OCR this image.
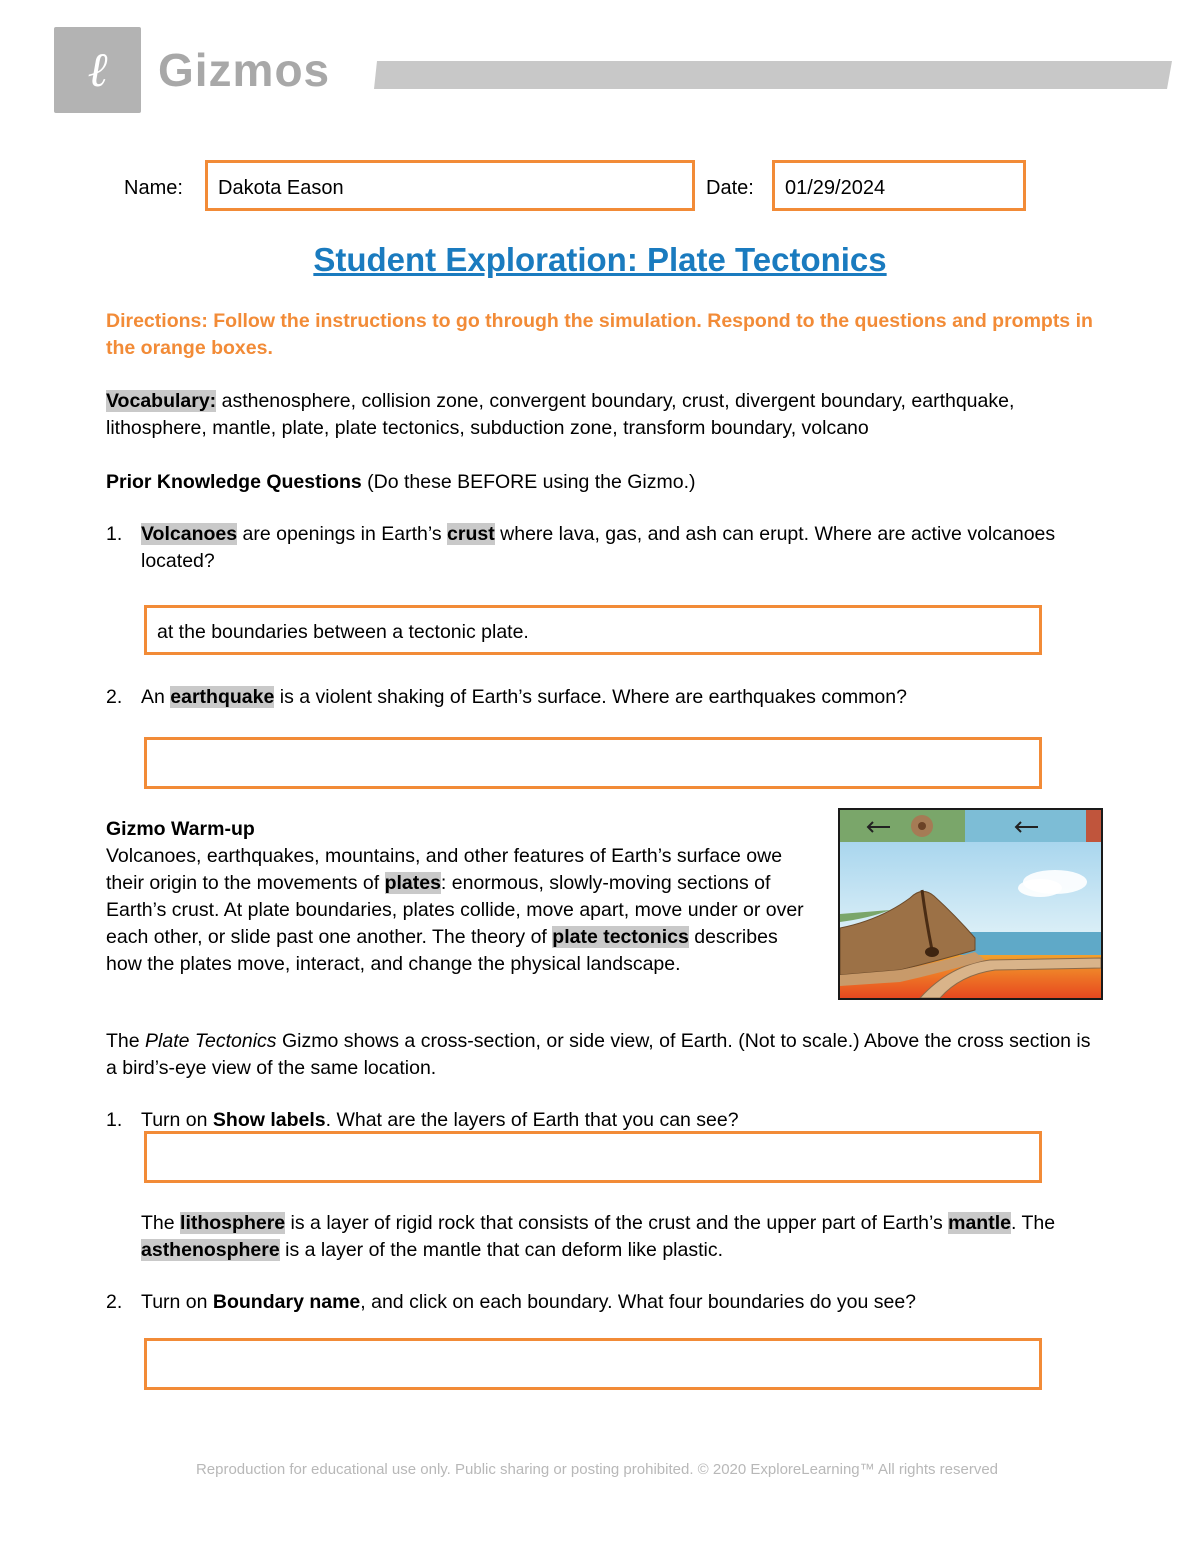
ℓ	Gizmos
Name: Dakota Eason	Date: 01/29/2024
Student Exploration: Plate Tectonics
Directions: Follow the instructions to go through the simulation. Respond to the questions and prompts in the orange boxes.
Vocabulary: asthenosphere, collision zone, convergent boundary, crust, divergent boundary, earthquake, lithosphere, mantle, plate, plate tectonics, subduction zone, transform boundary, volcano
Prior Knowledge Questions (Do these BEFORE using the Gizmo.)
1. Volcanoes are openings in Earth’s crust where lava, gas, and ash can erupt. Where are active volcanoes located?
at the boundaries between a tectonic plate.
2. An earthquake is a violent shaking of Earth’s surface. Where are earthquakes common?
Gizmo Warm-up
Volcanoes, earthquakes, mountains, and other features of Earth’s surface owe their origin to the movements of plates: enormous, slowly-moving sections of Earth’s crust. At plate boundaries, plates collide, move apart, move under or over each other, or slide past one another. The theory of plate tectonics describes how the plates move, interact, and change the physical landscape.
The Plate Tectonics Gizmo shows a cross-section, or side view, of Earth. (Not to scale.) Above the cross section is a bird’s-eye view of the same location.
1. Turn on Show labels. What are the layers of Earth that you can see?
The lithosphere is a layer of rigid rock that consists of the crust and the upper part of Earth’s mantle. The asthenosphere is a layer of the mantle that can deform like plastic.
2. Turn on Boundary name, and click on each boundary. What four boundaries do you see?
Reproduction for educational use only. Public sharing or posting prohibited. © 2020 ExploreLearning™ All rights reserved
